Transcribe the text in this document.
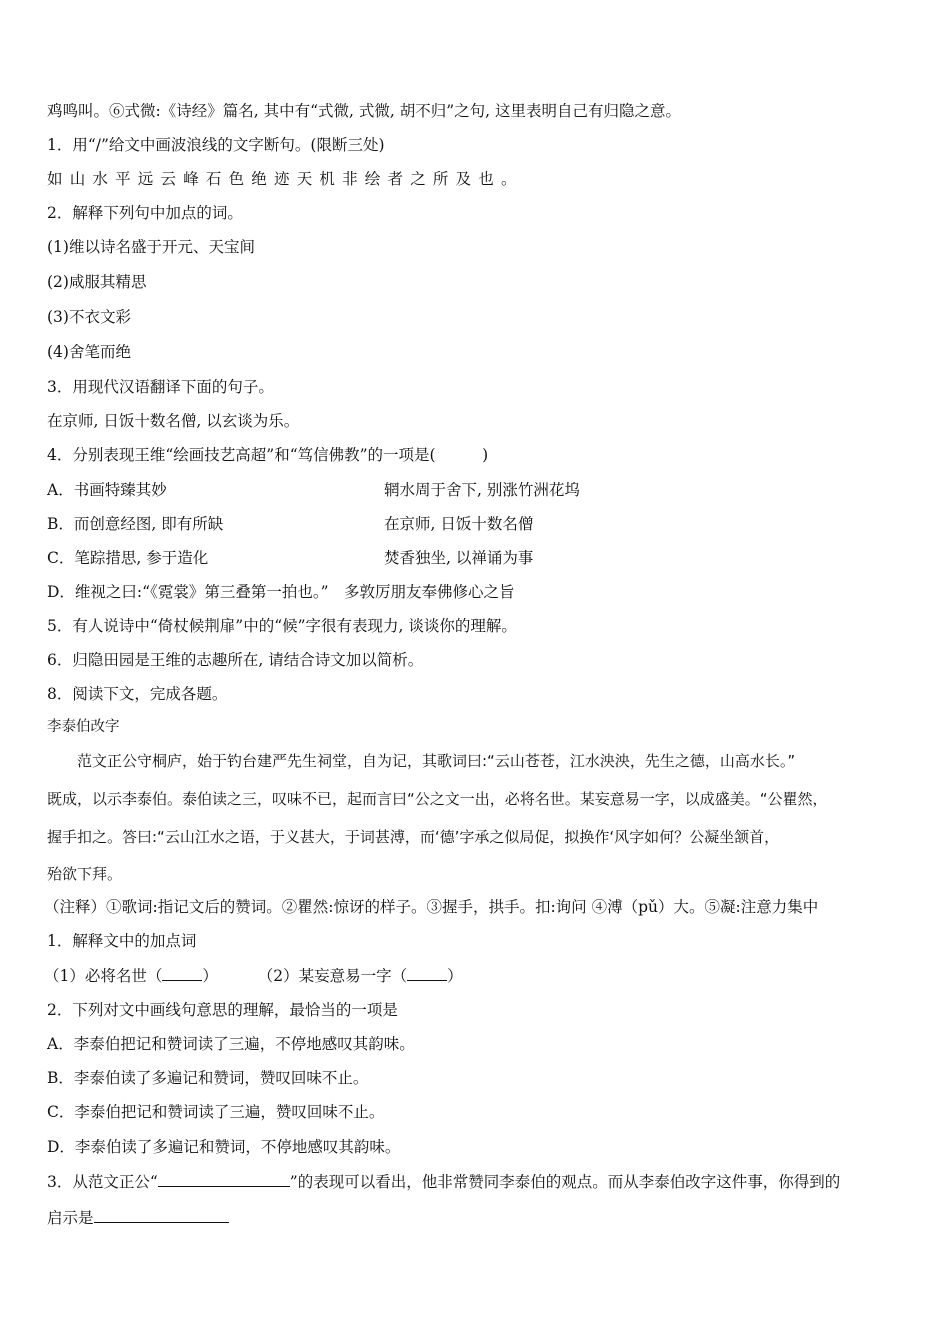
鸡鸣叫。⑥式微:《诗经》篇名, 其中有“式微, 式微, 胡不归”之句, 这里表明自己有归隐之意。
1．用“/”给文中画波浪线的文字断句。(限断三处)
如山水平远云峰石色绝迹天机非绘者之所及也。
2．解释下列句中加点的词。
(1)维以诗名盛于开元、天宝间
(2)咸服其精思
(3)不衣文彩
(4)舍笔而绝
3．用现代汉语翻译下面的句子。
在京师, 日饭十数名僧, 以玄谈为乐。
4．分别表现王维“绘画技艺高超”和“笃信佛教”的一项是(　　　)
A．书画特臻其妙	辋水周于舍下, 别涨竹洲花坞
B．而创意经图, 即有所缺	在京师, 日饭十数名僧
C．笔踪措思, 参于造化	焚香独坐, 以禅诵为事
D．维视之曰:“《霓裳》第三叠第一拍也。”　多敦厉朋友奉佛修心之旨
5．有人说诗中“倚杖候荆扉”中的“候”字很有表现力, 谈谈你的理解。
6．归隐田园是王维的志趣所在, 请结合诗文加以简析。
8．阅读下文，完成各题。
李泰伯改字
　　范文正公守桐庐，始于钓台建严先生祠堂，自为记，其歌词曰:“云山苍苍，江水泱泱，先生之德，山高水长。”
既成，以示李泰伯。泰伯读之三，叹味不已，起而言曰“公之文一出，必将名世。某妄意易一字，以成盛美。“公瞿然，
握手扣之。答曰:“云山江水之语，于义甚大，于词甚溥，而‘德’字承之似局促，拟换作‘风字如何？公凝坐颔首，
殆欲下拜。
（注释）①歌词:指记文后的赞词。②瞿然:惊讶的样子。③握手，拱手。扣:询问 ④溥（pǔ）大。⑤凝:注意力集中
1．解释文中的加点词
（1）必将名世（	）	（2）某妄意易一字（	）
2．下列对文中画线句意思的理解，最恰当的一项是
A．李泰伯把记和赞词读了三遍，不停地感叹其韵味。
B．李泰伯读了多遍记和赞词，赞叹回味不止。
C．李泰伯把记和赞词读了三遍，赞叹回味不止。
D．李泰伯读了多遍记和赞词，不停地感叹其韵味。
3．从范文正公“	”的表现可以看出，他非常赞同李泰伯的观点。而从李泰伯改字这件事，你得到的
启示是
